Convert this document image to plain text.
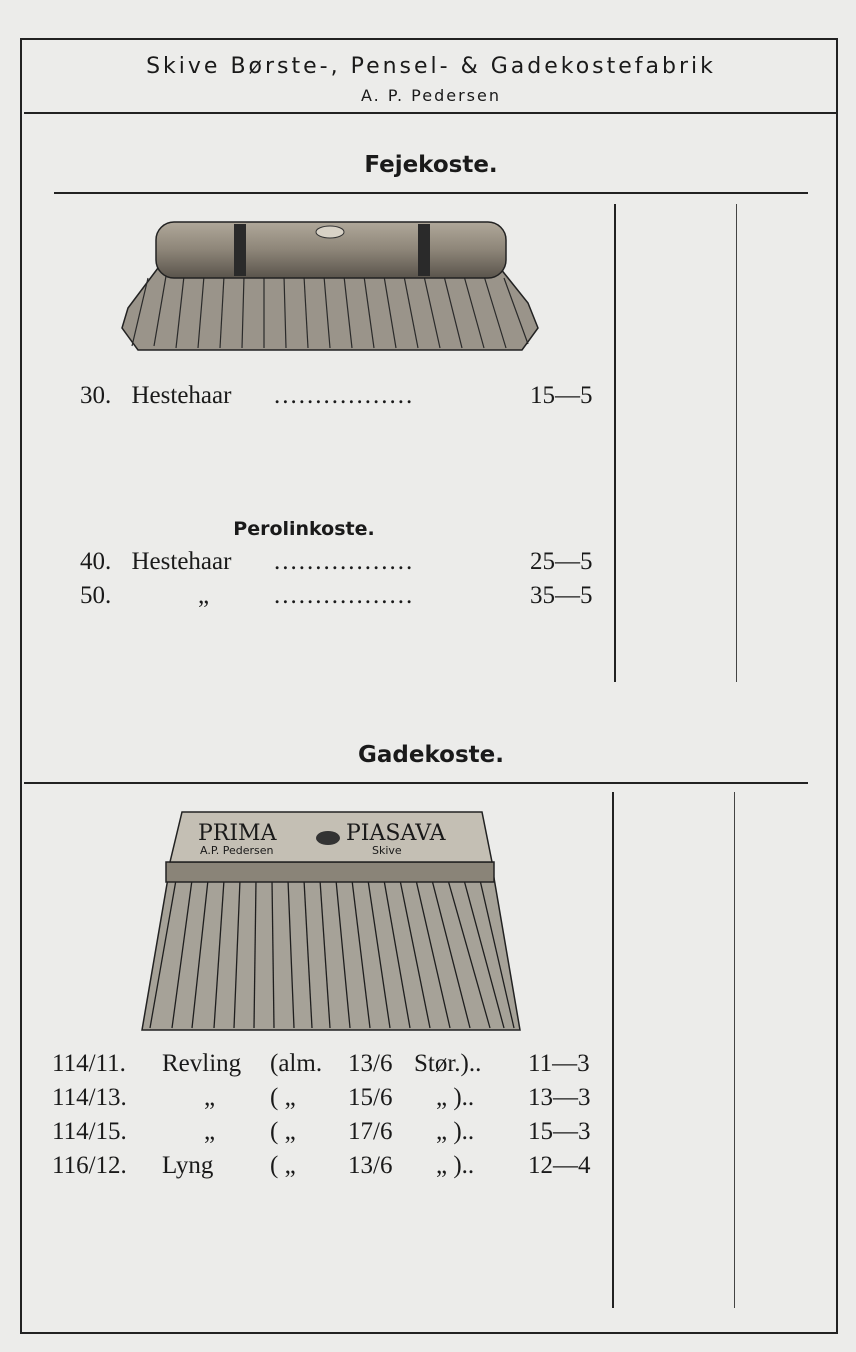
Skive Børste-, Pensel- & Gadekostefabrik
A. P. Pedersen
Fejekoste.
30. Hestehaar .................	15—5
Perolinkoste.
40. Hestehaar .................	25—5
50.	„	.................	35—5
Gadekoste.
PRIMA	PIASAVA
A.P. Pedersen	Skive
114/11. Revling (alm. 13/6 Stør.).. 11—3
114/13.	„ ( „ 15/6 „ ).. 13—3
114/15.	„ ( „ 17/6 „ ).. 15—3
116/12. Lyng ( „ 13/6 „ ).. 12—4
